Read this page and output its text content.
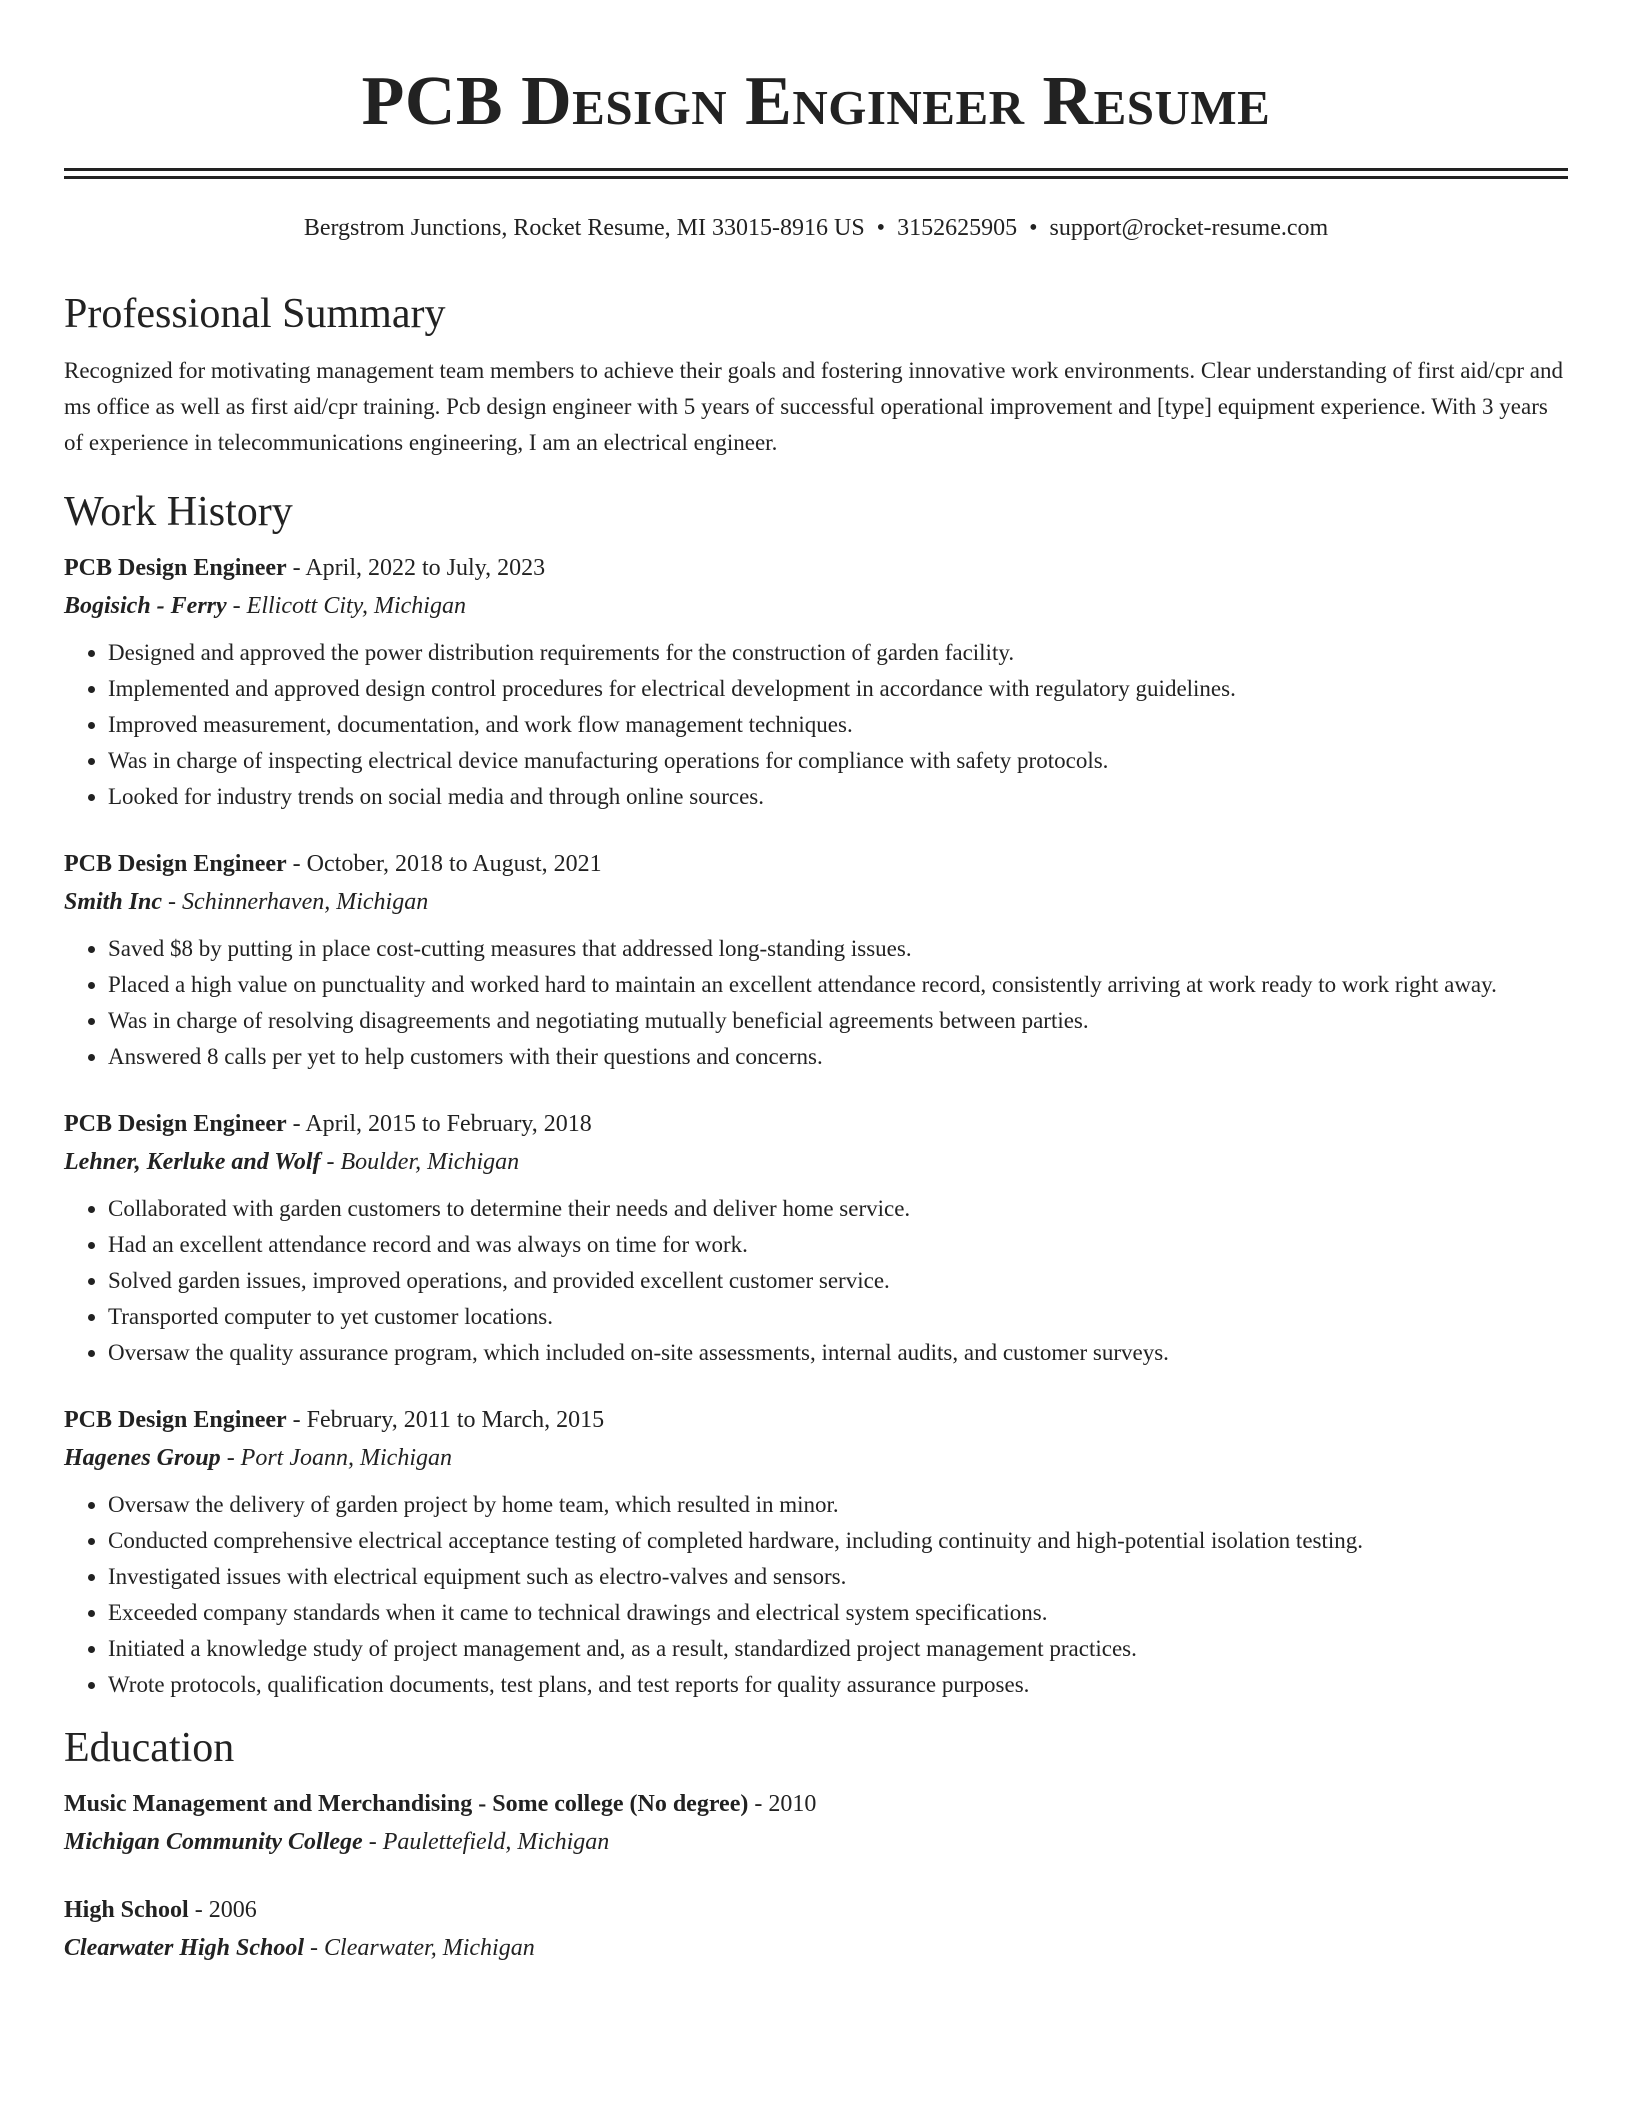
PCB Design Engineer Resume
Bergstrom Junctions, Rocket Resume, MI 33015-8916 US • 3152625905 • support@rocket-resume.com
Professional Summary

Recognized for motivating management team members to achieve their goals and fostering innovative work environments. Clear understanding of first aid/cpr and ms office as well as first aid/cpr training. Pcb design engineer with 5 years of successful operational improvement and [type] equipment experience. With 3 years of experience in telecommunications engineering, I am an electrical engineer.

Work History
PCB Design Engineer - April, 2022 to July, 2023
Bogisich - Ferry - Ellicott City, Michigan
• Designed and approved the power distribution requirements for the construction of garden facility.
• Implemented and approved design control procedures for electrical development in accordance with regulatory guidelines.
• Improved measurement, documentation, and work flow management techniques.
• Was in charge of inspecting electrical device manufacturing operations for compliance with safety protocols.
• Looked for industry trends on social media and through online sources.
PCB Design Engineer - October, 2018 to August, 2021
Smith Inc - Schinnerhaven, Michigan
• Saved $8 by putting in place cost-cutting measures that addressed long-standing issues.
• Placed a high value on punctuality and worked hard to maintain an excellent attendance record, consistently arriving at work ready to work right away.
• Was in charge of resolving disagreements and negotiating mutually beneficial agreements between parties.
• Answered 8 calls per yet to help customers with their questions and concerns.
PCB Design Engineer - April, 2015 to February, 2018
Lehner, Kerluke and Wolf - Boulder, Michigan
• Collaborated with garden customers to determine their needs and deliver home service.
• Had an excellent attendance record and was always on time for work.
• Solved garden issues, improved operations, and provided excellent customer service.
• Transported computer to yet customer locations.
• Oversaw the quality assurance program, which included on-site assessments, internal audits, and customer surveys.
PCB Design Engineer - February, 2011 to March, 2015
Hagenes Group - Port Joann, Michigan
• Oversaw the delivery of garden project by home team, which resulted in minor.
• Conducted comprehensive electrical acceptance testing of completed hardware, including continuity and high-potential isolation testing.
• Investigated issues with electrical equipment such as electro-valves and sensors.
• Exceeded company standards when it came to technical drawings and electrical system specifications.
• Initiated a knowledge study of project management and, as a result, standardized project management practices.
• Wrote protocols, qualification documents, test plans, and test reports for quality assurance purposes.
Education
Music Management and Merchandising - Some college (No degree) - 2010
Michigan Community College - Paulettefield, Michigan
High School - 2006
Clearwater High School - Clearwater, Michigan
